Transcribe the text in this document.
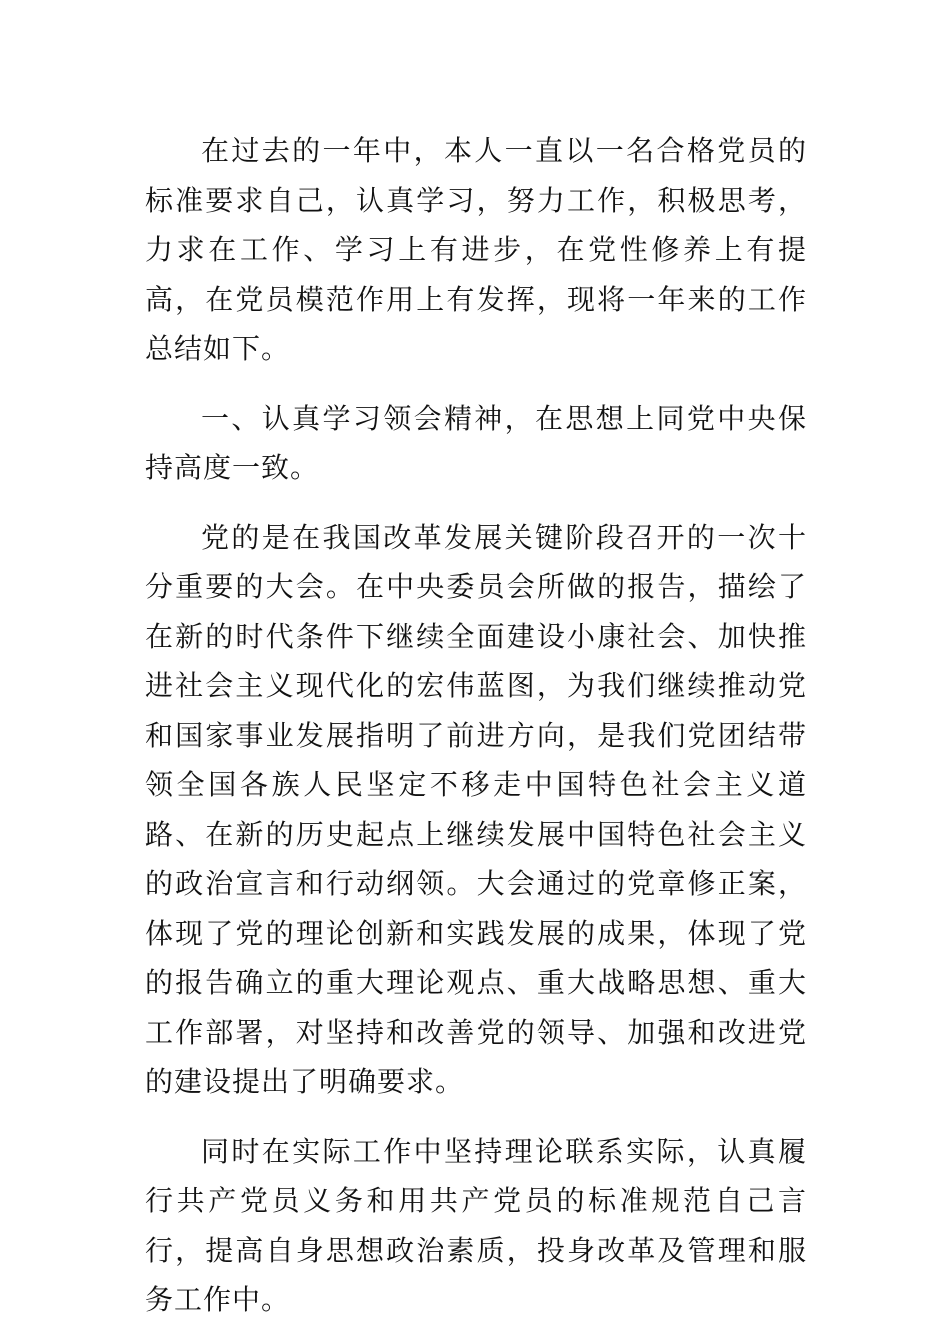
在过去的一年中，本人一直以一名合格党员的标准要求自己，认真学习，努力工作，积极思考，力求在工作、学习上有进步，在党性修养上有提高，在党员模范作用上有发挥，现将一年来的工作总结如下。

一、认真学习领会精神，在思想上同党中央保持高度一致。

党的是在我国改革发展关键阶段召开的一次十分重要的大会。在中央委员会所做的报告，描绘了在新的时代条件下继续全面建设小康社会、加快推进社会主义现代化的宏伟蓝图，为我们继续推动党和国家事业发展指明了前进方向，是我们党团结带领全国各族人民坚定不移走中国特色社会主义道路、在新的历史起点上继续发展中国特色社会主义的政治宣言和行动纲领。大会通过的党章修正案，体现了党的理论创新和实践发展的成果，体现了党的报告确立的重大理论观点、重大战略思想、重大工作部署，对坚持和改善党的领导、加强和改进党的建设提出了明确要求。

同时在实际工作中坚持理论联系实际，认真履行共产党员义务和用共产党员的标准规范自己言行，提高自身思想政治素质，投身改革及管理和服务工作中。
